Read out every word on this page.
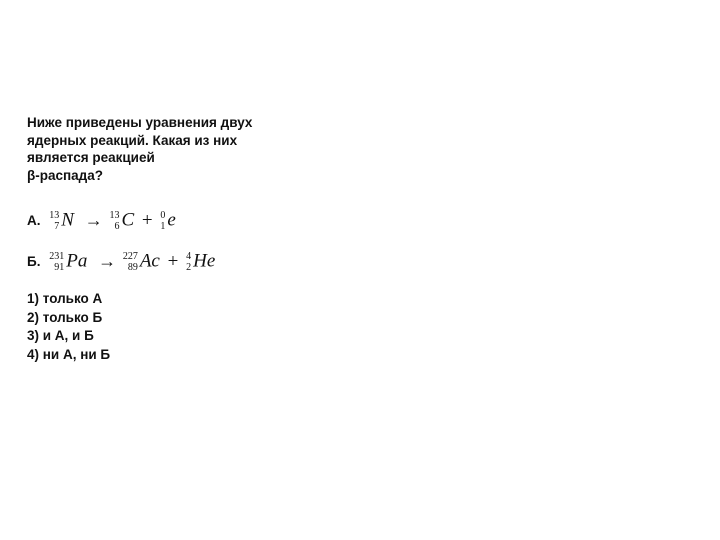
Ниже приведены уравнения двух
ядерных реакций. Какая из них
является реакцией
β-распада?
А. 13
7 N → 13
6 C + 0
1 e
Б. 231
91 Pa → 227
89 Ac + 4
2 He
1) только А
2) только Б
3) и А, и Б
4) ни А, ни Б
